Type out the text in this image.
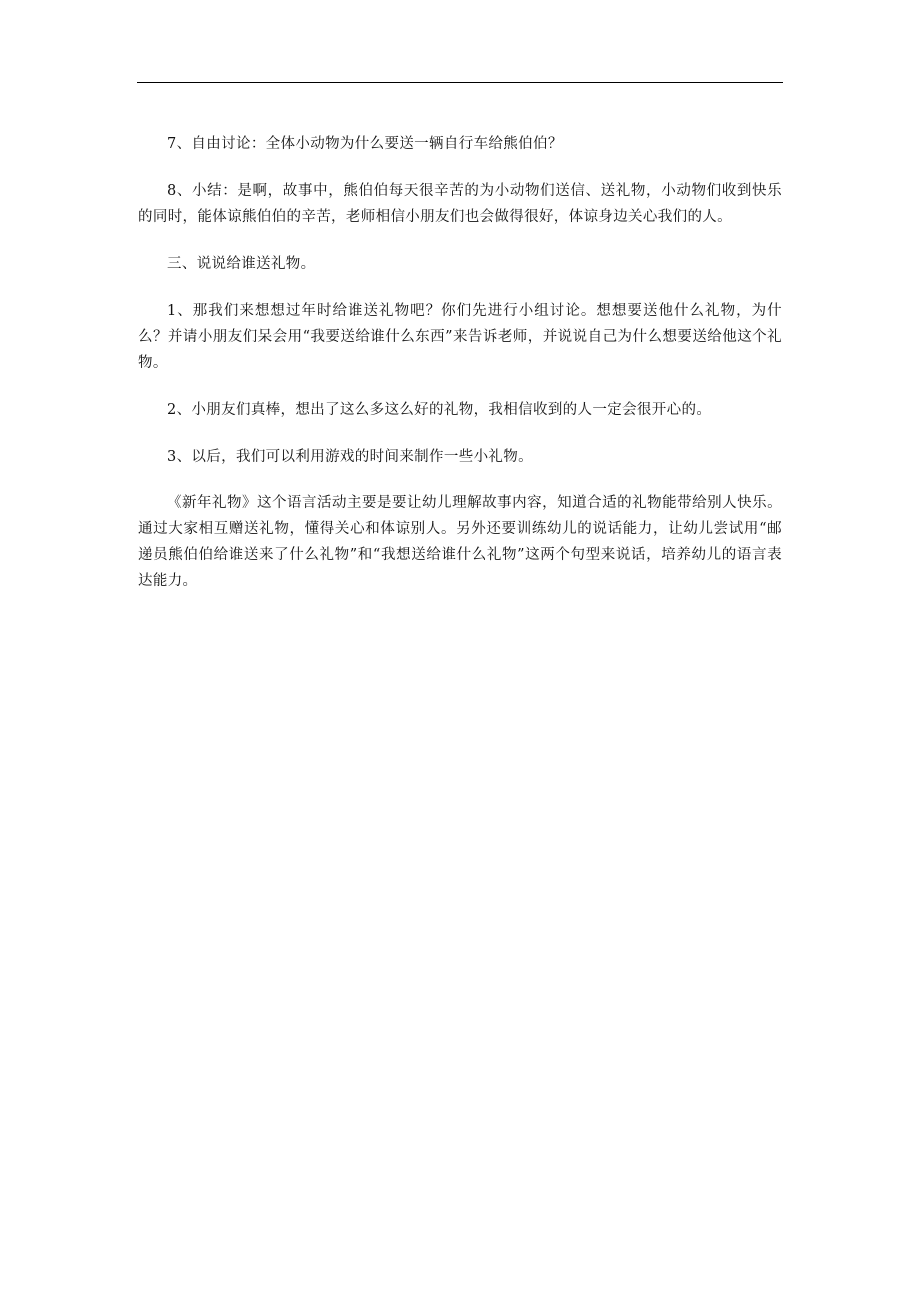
7、自由讨论：全体小动物为什么要送一辆自行车给熊伯伯？

8、小结：是啊，故事中，熊伯伯每天很辛苦的为小动物们送信、送礼物，小动物们收到快乐的同时，能体谅熊伯伯的辛苦，老师相信小朋友们也会做得很好，体谅身边关心我们的人。

三、说说给谁送礼物。

1、那我们来想想过年时给谁送礼物吧？你们先进行小组讨论。想想要送他什么礼物，为什么？并请小朋友们呆会用“我要送给谁什么东西”来告诉老师，并说说自己为什么想要送给他这个礼物。

2、小朋友们真棒，想出了这么多这么好的礼物，我相信收到的人一定会很开心的。

3、以后，我们可以利用游戏的时间来制作一些小礼物。

《新年礼物》这个语言活动主要是要让幼儿理解故事内容，知道合适的礼物能带给别人快乐。通过大家相互赠送礼物，懂得关心和体谅别人。另外还要训练幼儿的说话能力，让幼儿尝试用“邮递员熊伯伯给谁送来了什么礼物”和“我想送给谁什么礼物”这两个句型来说话，培养幼儿的语言表达能力。
